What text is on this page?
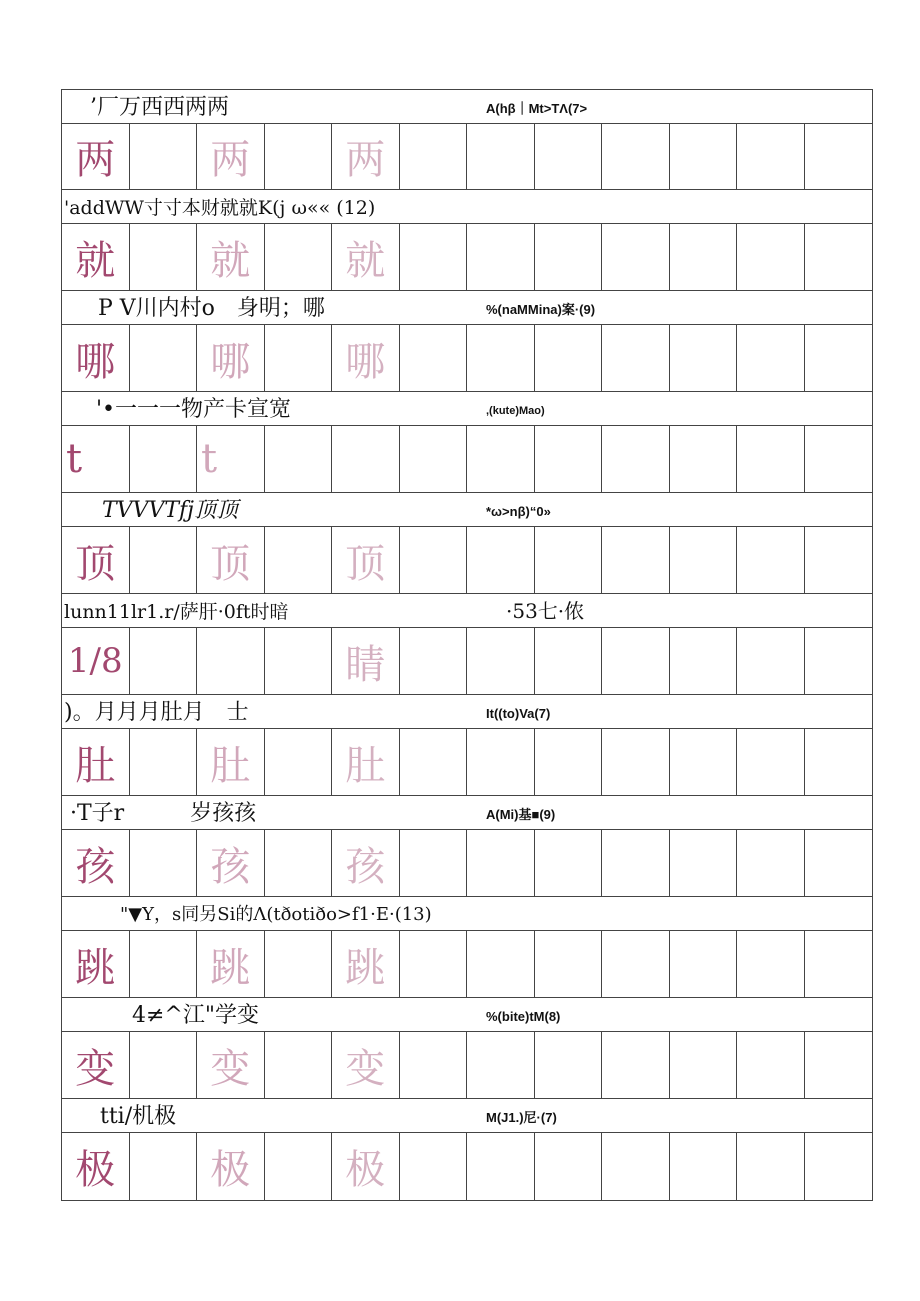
’厂万西西两两	A(hβ｜Mt>TΛ(7>
两	两	两
'addWW寸寸本财就就K(j ω«« (12)
就	就	就
P V川内村o　身明；哪	%(naMMina)案·(9)
哪	哪	哪
'•一一一物产卡宣宽	,(kute)Mao)
t	t
TVVVTfj顶顶	*ω>nβ)“0»
顶	顶	顶
lunn11lr1.r/萨肝·0ft时暗	·53七·侬
1/8	睛
)。月月月肚月　士	It((to)Va(7)
肚	肚	肚
·T子r　　　岁孩孩	A(Mi)基■(9)
孩	孩	孩
"▼Y，s同另Si的Λ(tðotiðo>f1·E·(13)
跳	跳	跳
4≠^江"学变	%(bite)tM(8)
变	变	变
tti/机极	M(J1.)尼·(7)
极	极	极
